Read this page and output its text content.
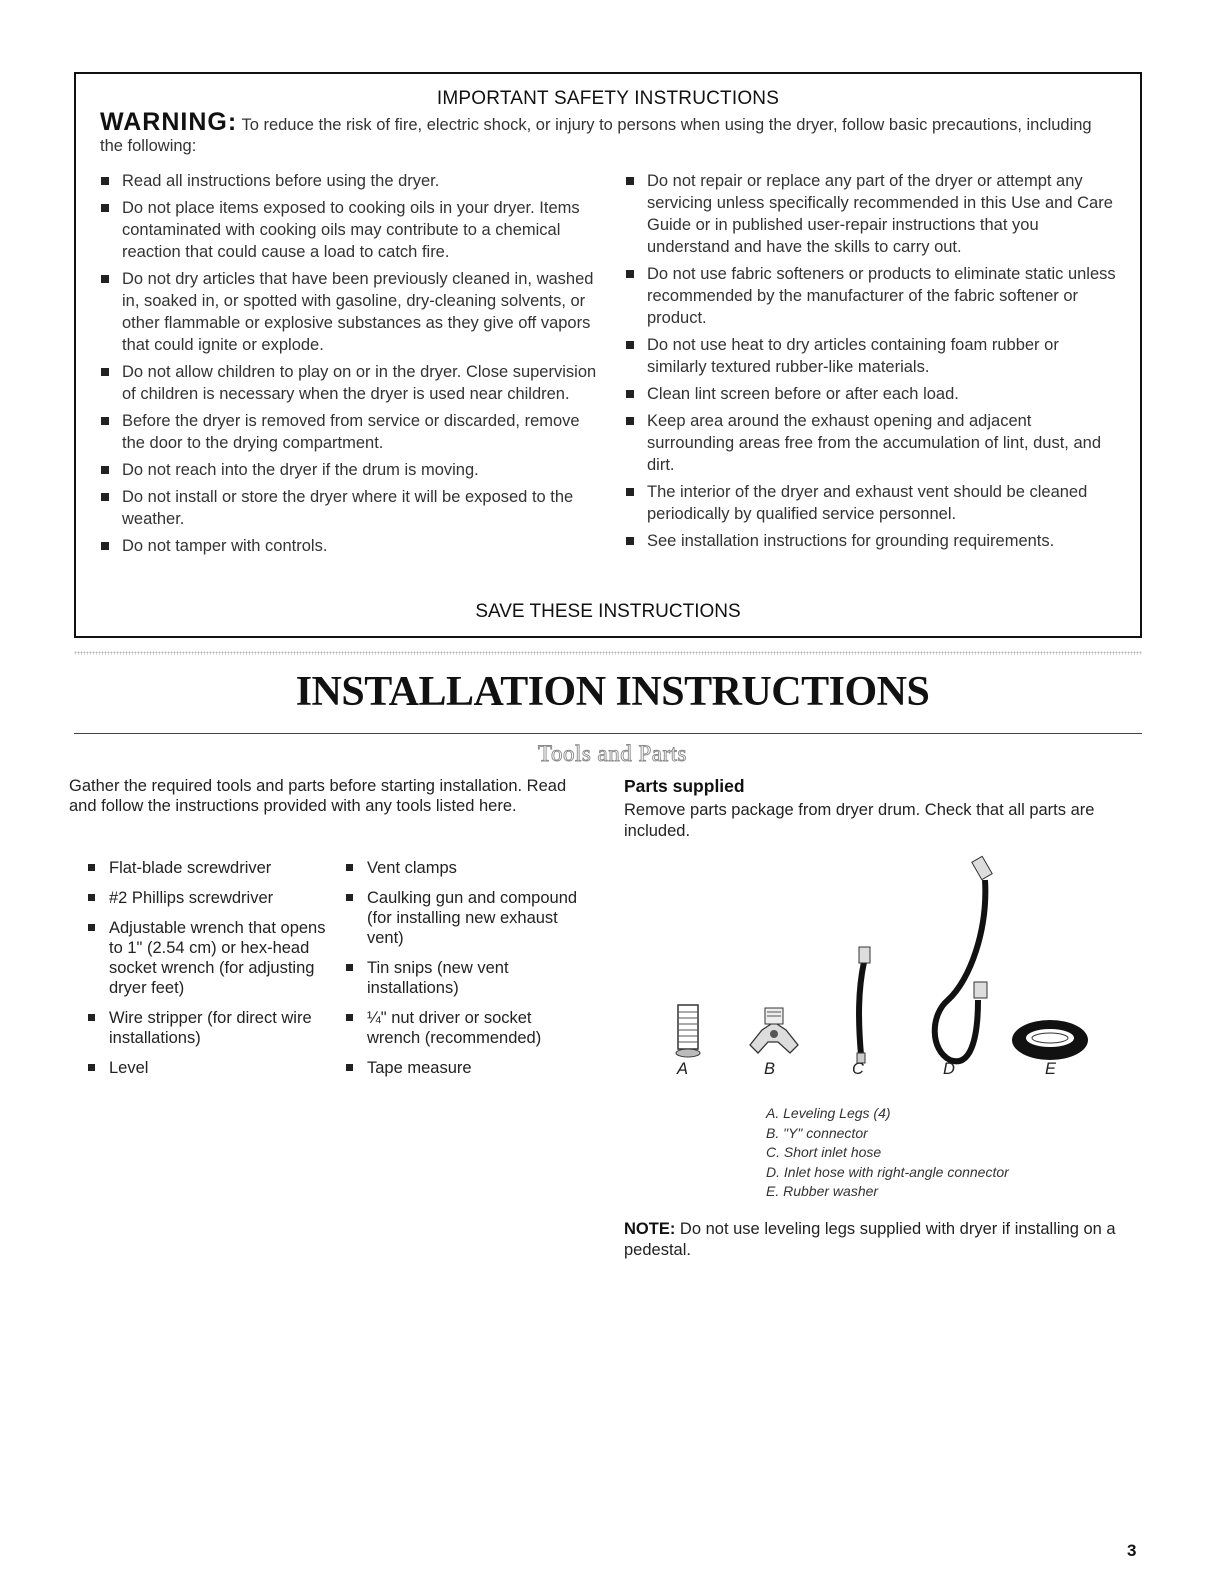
IMPORTANT SAFETY INSTRUCTIONS
WARNING: To reduce the risk of fire, electric shock, or injury to persons when using the dryer, follow basic precautions, including the following:
Read all instructions before using the dryer.
Do not place items exposed to cooking oils in your dryer. Items contaminated with cooking oils may contribute to a chemical reaction that could cause a load to catch fire.
Do not dry articles that have been previously cleaned in, washed in, soaked in, or spotted with gasoline, dry-cleaning solvents, or other flammable or explosive substances as they give off vapors that could ignite or explode.
Do not allow children to play on or in the dryer. Close supervision of children is necessary when the dryer is used near children.
Before the dryer is removed from service or discarded, remove the door to the drying compartment.
Do not reach into the dryer if the drum is moving.
Do not install or store the dryer where it will be exposed to the weather.
Do not tamper with controls.
Do not repair or replace any part of the dryer or attempt any servicing unless specifically recommended in this Use and Care Guide or in published user-repair instructions that you understand and have the skills to carry out.
Do not use fabric softeners or products to eliminate static unless recommended by the manufacturer of the fabric softener or product.
Do not use heat to dry articles containing foam rubber or similarly textured rubber-like materials.
Clean lint screen before or after each load.
Keep area around the exhaust opening and adjacent surrounding areas free from the accumulation of lint, dust, and dirt.
The interior of the dryer and exhaust vent should be cleaned periodically by qualified service personnel.
See installation instructions for grounding requirements.
SAVE THESE INSTRUCTIONS
INSTALLATION INSTRUCTIONS
Tools and Parts
Gather the required tools and parts before starting installation. Read and follow the instructions provided with any tools listed here.
Flat-blade screwdriver
#2 Phillips screwdriver
Adjustable wrench that opens to 1" (2.54 cm) or hex-head socket wrench (for adjusting dryer feet)
Wire stripper (for direct wire installations)
Level
Vent clamps
Caulking gun and compound (for installing new exhaust vent)
Tin snips (new vent installations)
¼" nut driver or socket wrench (recommended)
Tape measure
Parts supplied
Remove parts package from dryer drum. Check that all parts are included.
A	B	C	D	E
A. Leveling Legs (4)
B. "Y" connector
C. Short inlet hose
D. Inlet hose with right-angle connector
E. Rubber washer
NOTE: Do not use leveling legs supplied with dryer if installing on a pedestal.
3
